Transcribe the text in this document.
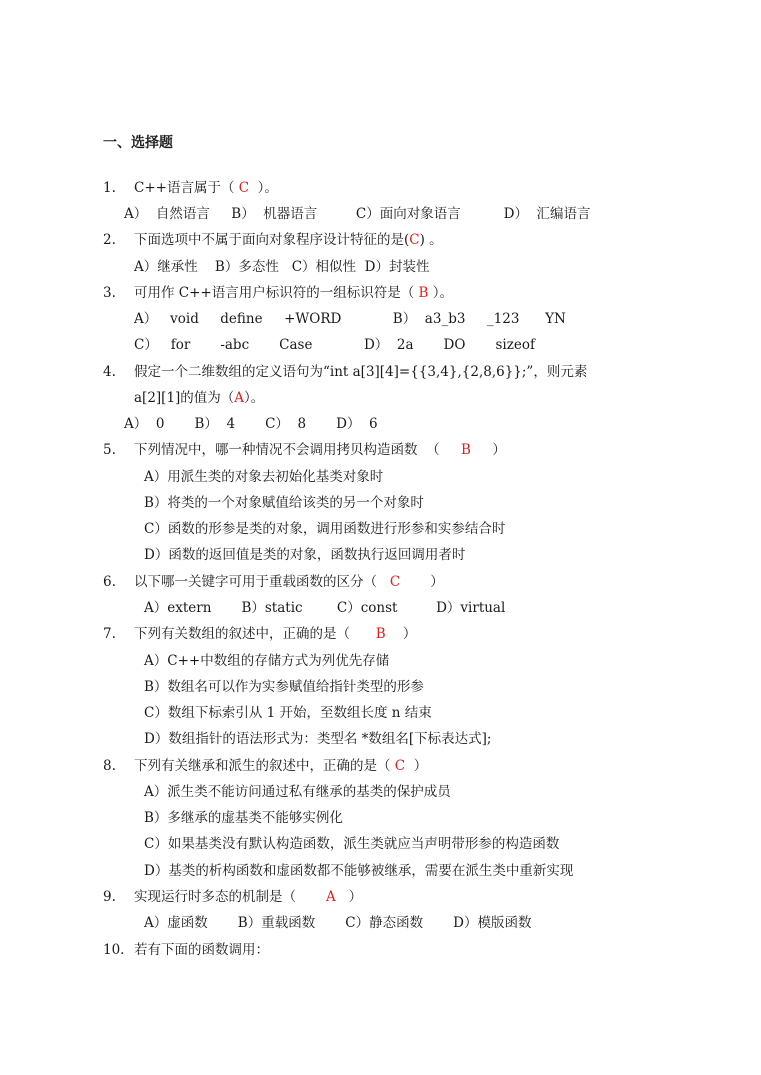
一、选择题
1. C++语言属于（ C  ）。
A）  自然语言     B）  机器语言         C）面向对象语言          D）  汇编语言
2. 下面选项中不属于面向对象程序设计特征的是(C) 。
A）继承性    B）多态性   C）相似性  D）封装性
3. 可用作 C++语言用户标识符的一组标识符是（ B ）。
A）   void     define     +WORD            B）  a3_b3     _123      YN
C）   for       -abc       Case            D）  2a       DO       sizeof
4. 假定一个二维数组的定义语句为“int a[3][4]={{3,4},{2,8,6}};”，则元素
a[2][1]的值为（A）。
A）  0       B）  4       C）  8       D）  6
5. 下列情况中，哪一种情况不会调用拷贝构造函数  （     B     ）
A）用派生类的对象去初始化基类对象时
B）将类的一个对象赋值给该类的另一个对象时
C）函数的形参是类的对象，调用函数进行形参和实参结合时
D）函数的返回值是类的对象，函数执行返回调用者时
6. 以下哪一关键字可用于重载函数的区分（   C       ）
A）extern       B）static        C）const         D）virtual
7. 下列有关数组的叙述中，正确的是（      B    ）
A）C++中数组的存储方式为列优先存储
B）数组名可以作为实参赋值给指针类型的形参
C）数组下标索引从 1 开始，至数组长度 n 结束
D）数组指针的语法形式为：类型名 *数组名[下标表达式];
8. 下列有关继承和派生的叙述中，正确的是（ C  ）
A）派生类不能访问通过私有继承的基类的保护成员
B）多继承的虚基类不能够实例化
C）如果基类没有默认构造函数，派生类就应当声明带形参的构造函数
D）基类的析构函数和虚函数都不能够被继承，需要在派生类中重新实现
9. 实现运行时多态的机制是（       A   ）
A）虚函数       B）重载函数       C）静态函数       D）模版函数
10. 若有下面的函数调用：
